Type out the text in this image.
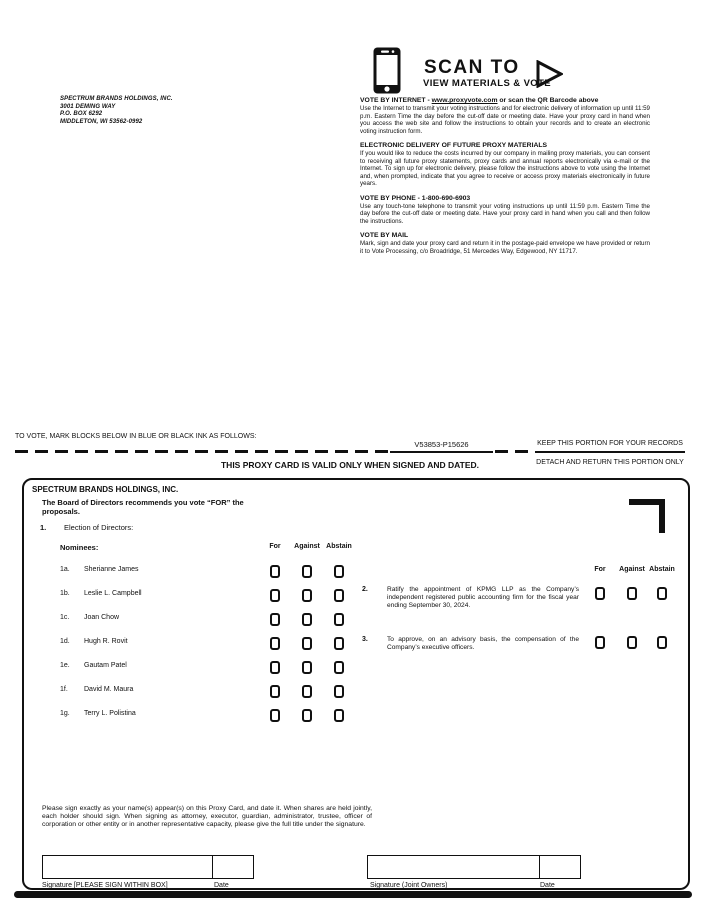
SPECTRUM BRANDS HOLDINGS, INC.
3001 DEMING WAY
P.O. BOX 6292
MIDDLETON, WI 53562-0992
SCAN TO
VIEW MATERIALS & VOTE
VOTE BY INTERNET - www.proxyvote.com or scan the QR Barcode above
Use the Internet to transmit your voting instructions and for electronic delivery of information up until 11:59 p.m. Eastern Time the day before the cut-off date or meeting date. Have your proxy card in hand when you access the web site and follow the instructions to obtain your records and to create an electronic voting instruction form.
ELECTRONIC DELIVERY OF FUTURE PROXY MATERIALS
If you would like to reduce the costs incurred by our company in mailing proxy materials, you can consent to receiving all future proxy statements, proxy cards and annual reports electronically via e-mail or the Internet. To sign up for electronic delivery, please follow the instructions above to vote using the Internet and, when prompted, indicate that you agree to receive or access proxy materials electronically in future years.
VOTE BY PHONE - 1-800-690-6903
Use any touch-tone telephone to transmit your voting instructions up until 11:59 p.m. Eastern Time the day before the cut-off date or meeting date. Have your proxy card in hand when you call and then follow the instructions.
VOTE BY MAIL
Mark, sign and date your proxy card and return it in the postage-paid envelope we have provided or return it to Vote Processing, c/o Broadridge, 51 Mercedes Way, Edgewood, NY 11717.
TO VOTE, MARK BLOCKS BELOW IN BLUE OR BLACK INK AS FOLLOWS:
V53853-P15626	KEEP THIS PORTION FOR YOUR RECORDS
THIS PROXY CARD IS VALID ONLY WHEN SIGNED AND DATED.	DETACH AND RETURN THIS PORTION ONLY
SPECTRUM BRANDS HOLDINGS, INC.
The Board of Directors recommends you vote “FOR” the proposals.
1. Election of Directors:
Nominees:	For Against Abstain
1a. Sherianne James
1b. Leslie L. Campbell
1c. Joan Chow
1d. Hugh R. Rovit
1e. Gautam Patel
1f. David M. Maura
1g. Terry L. Polistina
For Against Abstain
2.	Ratify the appointment of KPMG LLP as the Company’s independent registered public accounting firm for the fiscal year ending September 30, 2024.
3.	To approve, on an advisory basis, the compensation of the Company’s executive officers.
Please sign exactly as your name(s) appear(s) on this Proxy Card, and date it. When shares are held jointly, each holder should sign. When signing as attorney, executor, guardian, administrator, trustee, officer of corporation or other entity or in another representative capacity, please give the full title under the signature.
Signature [PLEASE SIGN WITHIN BOX]	Date	Signature (Joint Owners)	Date
